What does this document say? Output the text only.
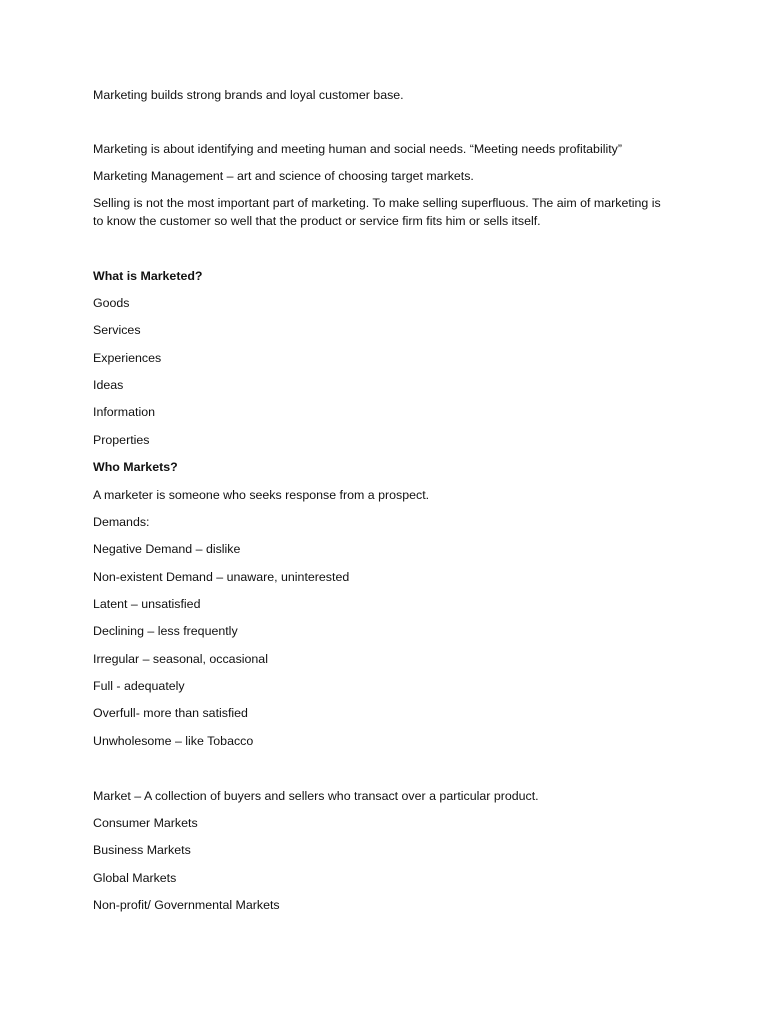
Marketing builds strong brands and loyal customer base.

Marketing is about identifying and meeting human and social needs. “Meeting needs profitability”

Marketing Management – art and science of choosing target markets.

Selling is not the most important part of marketing. To make selling superfluous. The aim of marketing is to know the customer so well that the product or service firm fits him or sells itself.

What is Marketed?

Goods

Services

Experiences

Ideas

Information

Properties

Who Markets?

A marketer is someone who seeks response from a prospect.

Demands:

Negative Demand – dislike

Non-existent Demand – unaware, uninterested

Latent – unsatisfied

Declining – less frequently

Irregular – seasonal, occasional

Full - adequately

Overfull- more than satisfied

Unwholesome – like Tobacco

Market – A collection of buyers and sellers who transact over a particular product.

Consumer Markets

Business Markets

Global Markets

Non-profit/ Governmental Markets
